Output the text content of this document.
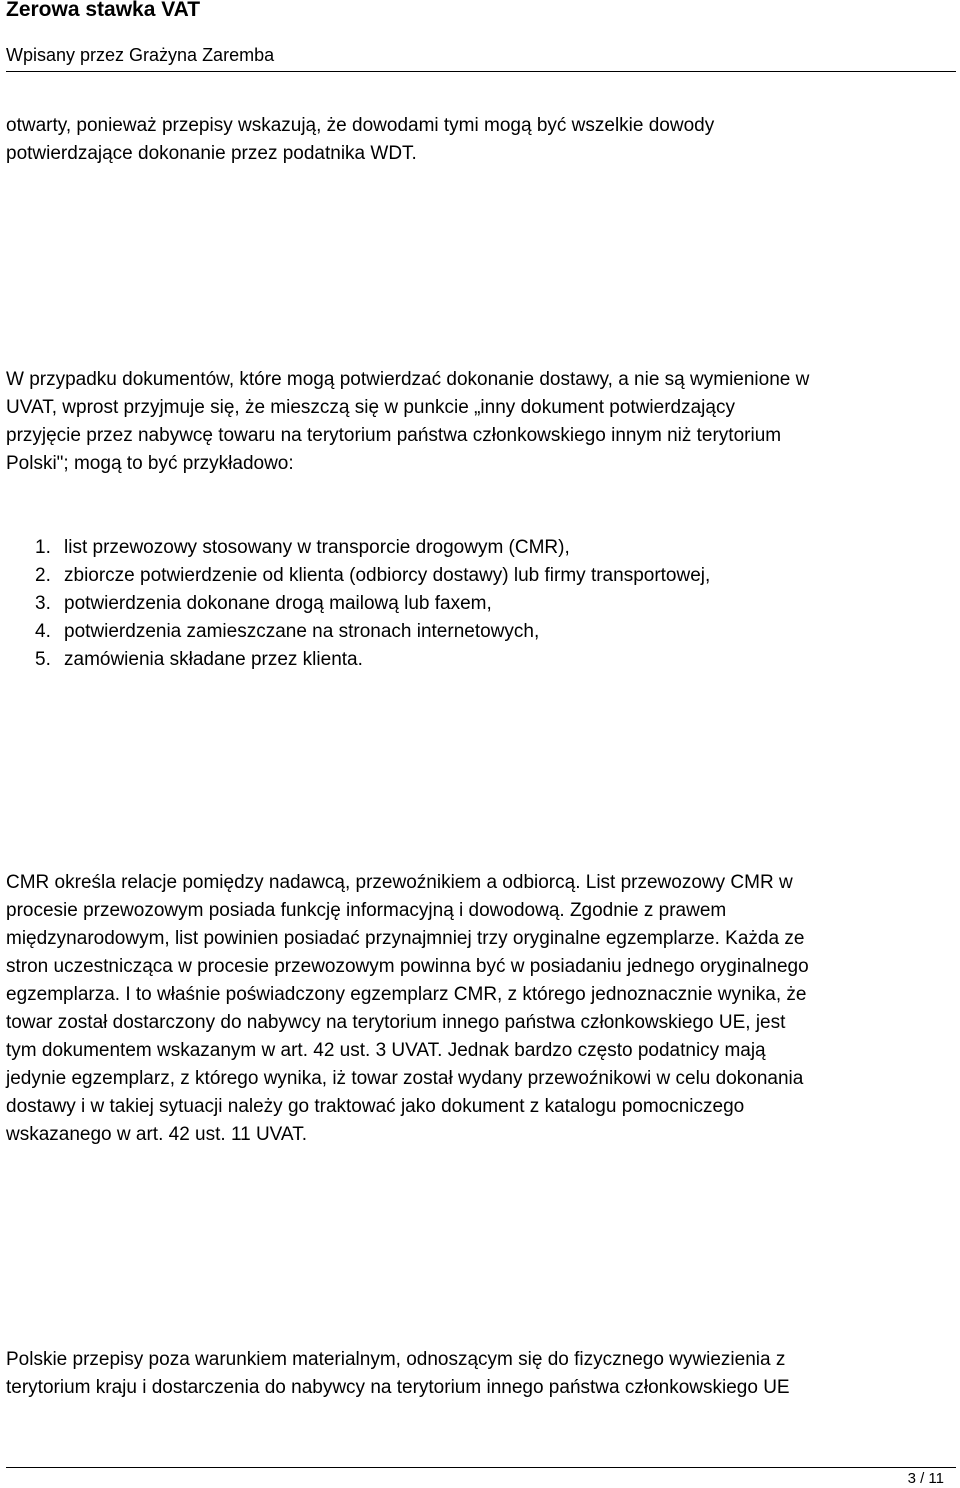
Zerowa stawka VAT
Wpisany przez Grażyna Zaremba
otwarty, ponieważ przepisy wskazują, że dowodami tymi mogą być wszelkie dowody
potwierdzające dokonanie przez podatnika WDT.
W przypadku dokumentów, które mogą potwierdzać dokonanie dostawy, a nie są wymienione w
UVAT, wprost przyjmuje się, że mieszczą się w punkcie „inny dokument potwierdzający
przyjęcie przez nabywcę towaru na terytorium państwa członkowskiego innym niż terytorium
Polski"; mogą to być przykładowo:
1. list przewozowy stosowany w transporcie drogowym (CMR),
2. zbiorcze potwierdzenie od klienta (odbiorcy dostawy) lub firmy transportowej,
3. potwierdzenia dokonane drogą mailową lub faxem,
4. potwierdzenia zamieszczane na stronach internetowych,
5. zamówienia składane przez klienta.
CMR określa relacje pomiędzy nadawcą, przewoźnikiem a odbiorcą. List przewozowy CMR w
procesie przewozowym posiada funkcję informacyjną i dowodową. Zgodnie z prawem
międzynarodowym, list powinien posiadać przynajmniej trzy oryginalne egzemplarze. Każda ze
stron uczestnicząca w procesie przewozowym powinna być w posiadaniu jednego oryginalnego
egzemplarza. I to właśnie poświadczony egzemplarz CMR, z którego jednoznacznie wynika, że
towar został dostarczony do nabywcy na terytorium innego państwa członkowskiego UE, jest
tym dokumentem wskazanym w art. 42 ust. 3 UVAT. Jednak bardzo często podatnicy mają
jedynie egzemplarz, z którego wynika, iż towar został wydany przewoźnikowi w celu dokonania
dostawy i w takiej sytuacji należy go traktować jako dokument z katalogu pomocniczego
wskazanego w art. 42 ust. 11 UVAT.
Polskie przepisy poza warunkiem materialnym, odnoszącym się do fizycznego wywiezienia z
terytorium kraju i dostarczenia do nabywcy na terytorium innego państwa członkowskiego UE
3 / 11
